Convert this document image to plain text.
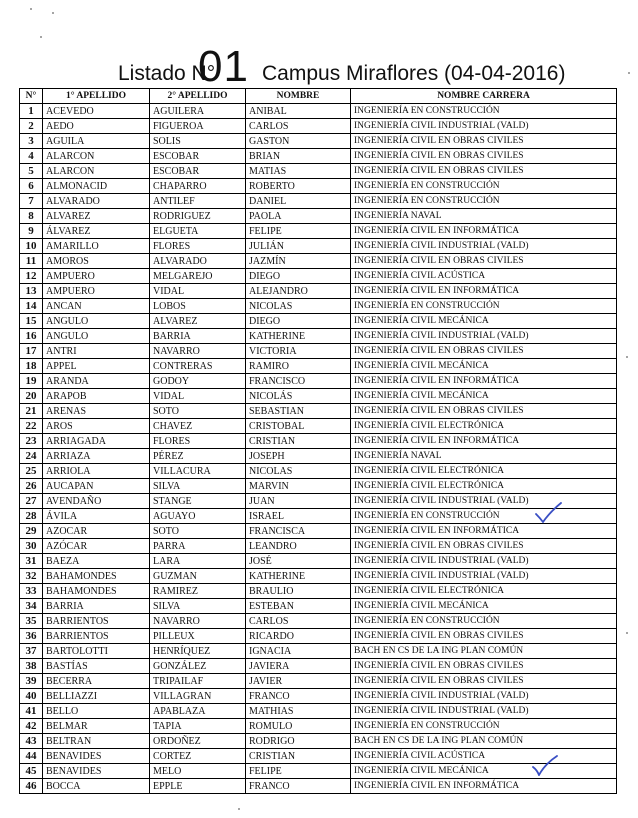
Listado N°
01 Campus Miraflores (04-04-2016)
N°	1° APELLIDO	2° APELLIDO	NOMBRE	NOMBRE CARRERA
1	ACEVEDO	AGUILERA	ANIBAL	INGENIERÍA EN CONSTRUCCIÓN
2	AEDO	FIGUEROA	CARLOS	INGENIERÍA CIVIL INDUSTRIAL (VALD)
3	AGUILA	SOLIS	GASTON	INGENIERÍA CIVIL EN OBRAS CIVILES
4	ALARCON	ESCOBAR	BRIAN	INGENIERÍA CIVIL EN OBRAS CIVILES
5	ALARCON	ESCOBAR	MATIAS	INGENIERÍA CIVIL EN OBRAS CIVILES
6	ALMONACID	CHAPARRO	ROBERTO	INGENIERÍA EN CONSTRUCCIÓN
7	ALVARADO	ANTILEF	DANIEL	INGENIERÍA EN CONSTRUCCIÓN
8	ALVAREZ	RODRIGUEZ	PAOLA	INGENIERÍA NAVAL
9	ÁLVAREZ	ELGUETA	FELIPE	INGENIERÍA CIVIL EN INFORMÁTICA
10	AMARILLO	FLORES	JULIÁN	INGENIERÍA CIVIL INDUSTRIAL (VALD)
11	AMOROS	ALVARADO	JAZMÍN	INGENIERÍA CIVIL EN OBRAS CIVILES
12	AMPUERO	MELGAREJO	DIEGO	INGENIERÍA CIVIL ACÚSTICA
13	AMPUERO	VIDAL	ALEJANDRO	INGENIERÍA CIVIL EN INFORMÁTICA
14	ANCAN	LOBOS	NICOLAS	INGENIERÍA EN CONSTRUCCIÓN
15	ANGULO	ALVAREZ	DIEGO	INGENIERÍA CIVIL MECÁNICA
16	ANGULO	BARRIA	KATHERINE	INGENIERÍA CIVIL INDUSTRIAL (VALD)
17	ANTRI	NAVARRO	VICTORIA	INGENIERÍA CIVIL EN OBRAS CIVILES
18	APPEL	CONTRERAS	RAMIRO	INGENIERÍA CIVIL MECÁNICA
19	ARANDA	GODOY	FRANCISCO	INGENIERÍA CIVIL EN INFORMÁTICA
20	ARAPOB	VIDAL	NICOLÁS	INGENIERÍA CIVIL MECÁNICA
21	ARENAS	SOTO	SEBASTIAN	INGENIERÍA CIVIL EN OBRAS CIVILES
22	AROS	CHAVEZ	CRISTOBAL	INGENIERÍA CIVIL ELECTRÓNICA
23	ARRIAGADA	FLORES	CRISTIAN	INGENIERÍA CIVIL EN INFORMÁTICA
24	ARRIAZA	PÉREZ	JOSEPH	INGENIERÍA NAVAL
25	ARRIOLA	VILLACURA	NICOLAS	INGENIERÍA CIVIL ELECTRÓNICA
26	AUCAPAN	SILVA	MARVIN	INGENIERÍA CIVIL ELECTRÓNICA
27	AVENDAÑO	STANGE	JUAN	INGENIERÍA CIVIL INDUSTRIAL (VALD)
28	ÁVILA	AGUAYO	ISRAEL	INGENIERÍA EN CONSTRUCCIÓN
29	AZOCAR	SOTO	FRANCISCA	INGENIERÍA CIVIL EN INFORMÁTICA
30	AZÓCAR	PARRA	LEANDRO	INGENIERÍA CIVIL EN OBRAS CIVILES
31	BAEZA	LARA	JOSÉ	INGENIERÍA CIVIL INDUSTRIAL (VALD)
32	BAHAMONDES	GUZMAN	KATHERINE	INGENIERÍA CIVIL INDUSTRIAL (VALD)
33	BAHAMONDES	RAMIREZ	BRAULIO	INGENIERÍA CIVIL ELECTRÓNICA
34	BARRIA	SILVA	ESTEBAN	INGENIERÍA CIVIL MECÁNICA
35	BARRIENTOS	NAVARRO	CARLOS	INGENIERÍA EN CONSTRUCCIÓN
36	BARRIENTOS	PILLEUX	RICARDO	INGENIERÍA CIVIL EN OBRAS CIVILES
37	BARTOLOTTI	HENRÍQUEZ	IGNACIA	BACH EN CS DE LA ING PLAN COMÚN
38	BASTÍAS	GONZÁLEZ	JAVIERA	INGENIERÍA CIVIL EN OBRAS CIVILES
39	BECERRA	TRIPAILAF	JAVIER	INGENIERÍA CIVIL EN OBRAS CIVILES
40	BELLIAZZI	VILLAGRAN	FRANCO	INGENIERÍA CIVIL INDUSTRIAL (VALD)
41	BELLO	APABLAZA	MATHIAS	INGENIERÍA CIVIL INDUSTRIAL (VALD)
42	BELMAR	TAPIA	ROMULO	INGENIERÍA EN CONSTRUCCIÓN
43	BELTRAN	ORDOÑEZ	RODRIGO	BACH EN CS DE LA ING PLAN COMÚN
44	BENAVIDES	CORTEZ	CRISTIAN	INGENIERÍA CIVIL ACÚSTICA
45	BENAVIDES	MELO	FELIPE	INGENIERÍA CIVIL MECÁNICA
46	BOCCA	EPPLE	FRANCO	INGENIERÍA CIVIL EN INFORMÁTICA
